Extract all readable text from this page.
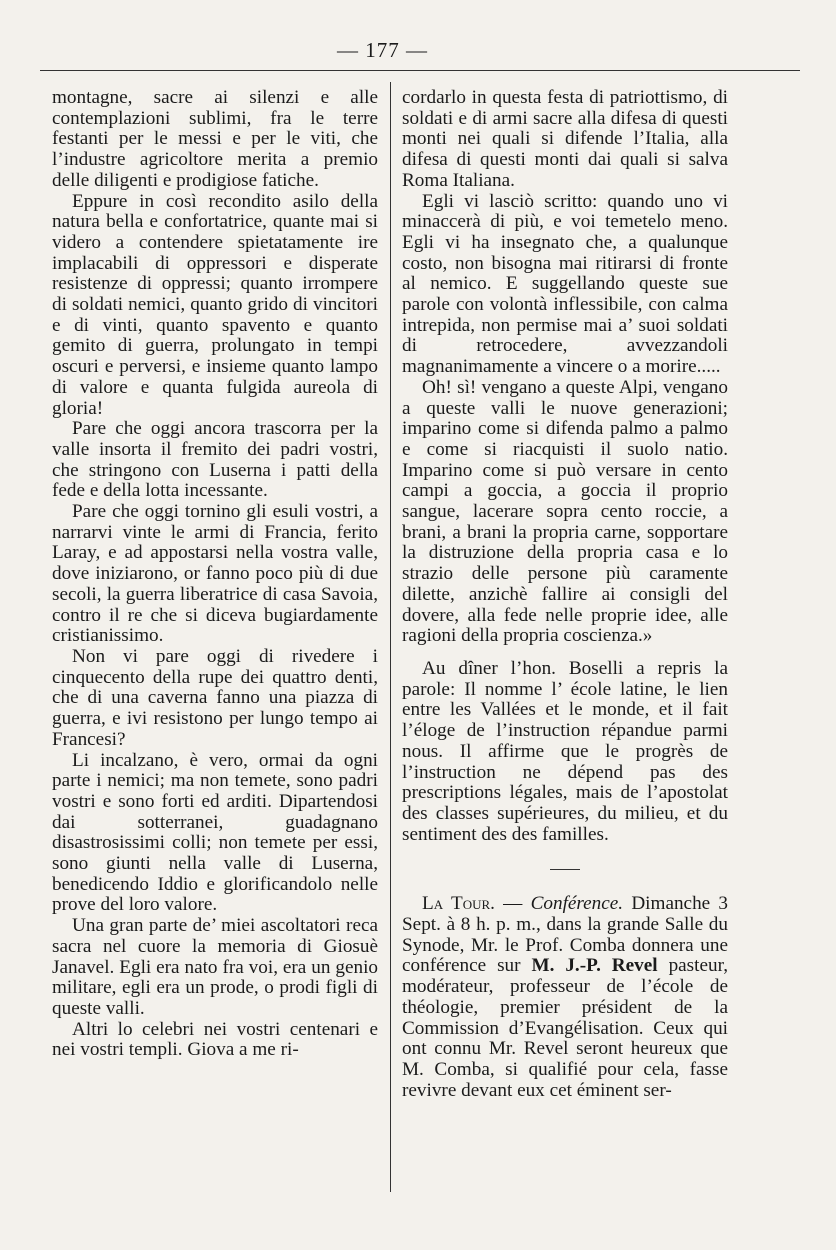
— 177 —

montagne, sacre ai silenzi e alle contemplazioni sublimi, fra le terre festanti per le messi e per le viti, che l’industre agricoltore merita a premio delle diligenti e prodigiose fatiche.

Eppure in così recondito asilo della natura bella e confortatrice, quante mai si videro a contendere spietatamente ire implacabili di oppressori e disperate resistenze di oppressi; quanto irrompere di soldati nemici, quanto grido di vincitori e di vinti, quanto spavento e quanto gemito di guerra, prolungato in tempi oscuri e perversi, e insieme quanto lampo di valore e quanta fulgida aureola di gloria!

Pare che oggi ancora trascorra per la valle insorta il fremito dei padri vostri, che stringono con Luserna i patti della fede e della lotta incessante.

Pare che oggi tornino gli esuli vostri, a narrarvi vinte le armi di Francia, ferito Laray, e ad appostarsi nella vostra valle, dove iniziarono, or fanno poco più di due secoli, la guerra liberatrice di casa Savoia, contro il re che si diceva bugiardamente cristianissimo.

Non vi pare oggi di rivedere i cinquecento della rupe dei quattro denti, che di una caverna fanno una piazza di guerra, e ivi resistono per lungo tempo ai Francesi?

Li incalzano, è vero, ormai da ogni parte i nemici; ma non temete, sono padri vostri e sono forti ed arditi. Dipartendosi dai sotterranei, guadagnano disastrosissimi colli; non temete per essi, sono giunti nella valle di Luserna, benedicendo Iddio e glorificandolo nelle prove del loro valore.

Una gran parte de’ miei ascoltatori reca sacra nel cuore la memoria di Giosuè Janavel. Egli era nato fra voi, era un genio militare, egli era un prode, o prodi figli di queste valli.

Altri lo celebri nei vostri centenari e nei vostri templi. Giova a me ri-

cordarlo in questa festa di patriottismo, di soldati e di armi sacre alla difesa di questi monti nei quali si difende l’Italia, alla difesa di questi monti dai quali si salva Roma Italiana.

Egli vi lasciò scritto: quando uno vi minaccerà di più, e voi temetelo meno. Egli vi ha insegnato che, a qualunque costo, non bisogna mai ritirarsi di fronte al nemico. E suggellando queste sue parole con volontà inflessibile, con calma intrepida, non permise mai a’ suoi soldati di retrocedere, avvezzandoli magnanimamente a vincere o a morire.....

Oh! sì! vengano a queste Alpi, vengano a queste valli le nuove generazioni; imparino come si difenda palmo a palmo e come si riacquisti il suolo natio. Imparino come si può versare in cento campi a goccia, a goccia il proprio sangue, lacerare sopra cento roccie, a brani, a brani la propria carne, sopportare la distruzione della propria casa e lo strazio delle persone più caramente dilette, anzichè fallire ai consigli del dovere, alla fede nelle proprie idee, alle ragioni della propria coscienza.»

Au dîner l’hon. Boselli a repris la parole: Il nomme l’ école latine, le lien entre les Vallées et le monde, et il fait l’éloge de l’instruction répandue parmi nous. Il affirme que le progrès de l’instruction ne dépend pas des prescriptions légales, mais de l’apostolat des classes supérieures, du milieu, et du sentiment des des familles.

La Tour. — Conférence. Dimanche 3 Sept. à 8 h. p. m., dans la grande Salle du Synode, Mr. le Prof. Comba donnera une conférence sur M. J.-P. Revel pasteur, modérateur, professeur de l’école de théologie, premier président de la Commission d’Evangélisation. Ceux qui ont connu Mr. Revel seront heureux que M. Comba, si qualifié pour cela, fasse revivre devant eux cet éminent ser-
